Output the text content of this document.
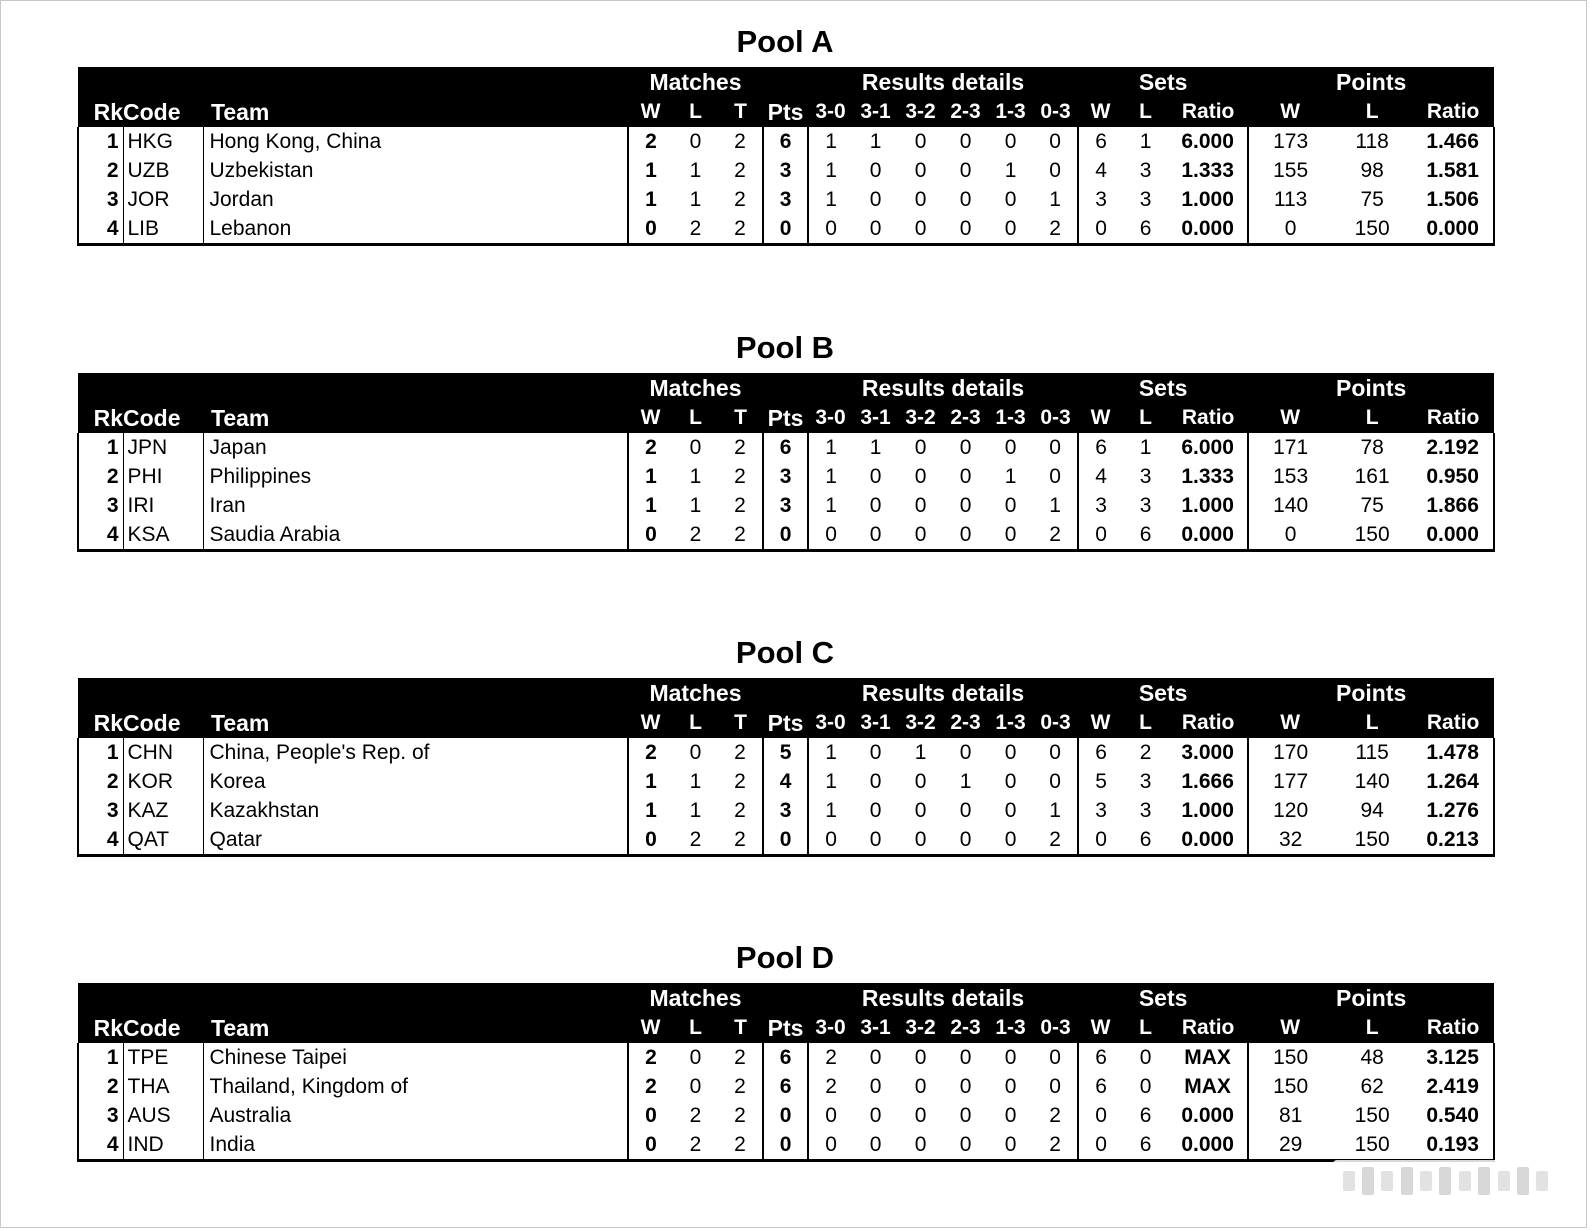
Pool A
Rk	Code	Team	Matches			Pts	Results details						Sets			Points		
			W	L	T		3-0	3-1	3-2	2-3	1-3	0-3	W	L	Ratio	W	L	Ratio
1	HKG	Hong Kong, China	2	0	2	6	1	1	0	0	0	0	6	1	6.000	173	118	1.466
2	UZB	Uzbekistan	1	1	2	3	1	0	0	0	1	0	4	3	1.333	155	98	1.581
3	JOR	Jordan	1	1	2	3	1	0	0	0	0	1	3	3	1.000	113	75	1.506
4	LIB	Lebanon	0	2	2	0	0	0	0	0	0	2	0	6	0.000	0	150	0.000
Pool B
Rk	Code	Team	Matches			Pts	Results details						Sets			Points		
			W	L	T		3-0	3-1	3-2	2-3	1-3	0-3	W	L	Ratio	W	L	Ratio
1	JPN	Japan	2	0	2	6	1	1	0	0	0	0	6	1	6.000	171	78	2.192
2	PHI	Philippines	1	1	2	3	1	0	0	0	1	0	4	3	1.333	153	161	0.950
3	IRI	Iran	1	1	2	3	1	0	0	0	0	1	3	3	1.000	140	75	1.866
4	KSA	Saudia Arabia	0	2	2	0	0	0	0	0	0	2	0	6	0.000	0	150	0.000
Pool C
Rk	Code	Team	Matches			Pts	Results details						Sets			Points		
			W	L	T		3-0	3-1	3-2	2-3	1-3	0-3	W	L	Ratio	W	L	Ratio
1	CHN	China, People's Rep. of	2	0	2	5	1	0	1	0	0	0	6	2	3.000	170	115	1.478
2	KOR	Korea	1	1	2	4	1	0	0	1	0	0	5	3	1.666	177	140	1.264
3	KAZ	Kazakhstan	1	1	2	3	1	0	0	0	0	1	3	3	1.000	120	94	1.276
4	QAT	Qatar	0	2	2	0	0	0	0	0	0	2	0	6	0.000	32	150	0.213
Pool D
Rk	Code	Team	Matches			Pts	Results details						Sets			Points		
			W	L	T		3-0	3-1	3-2	2-3	1-3	0-3	W	L	Ratio	W	L	Ratio
1	TPE	Chinese Taipei	2	0	2	6	2	0	0	0	0	0	6	0	MAX	150	48	3.125
2	THA	Thailand, Kingdom of	2	0	2	6	2	0	0	0	0	0	6	0	MAX	150	62	2.419
3	AUS	Australia	0	2	2	0	0	0	0	0	0	2	0	6	0.000	81	150	0.540
4	IND	India	0	2	2	0	0	0	0	0	0	2	0	6	0.000	29	150	0.193
